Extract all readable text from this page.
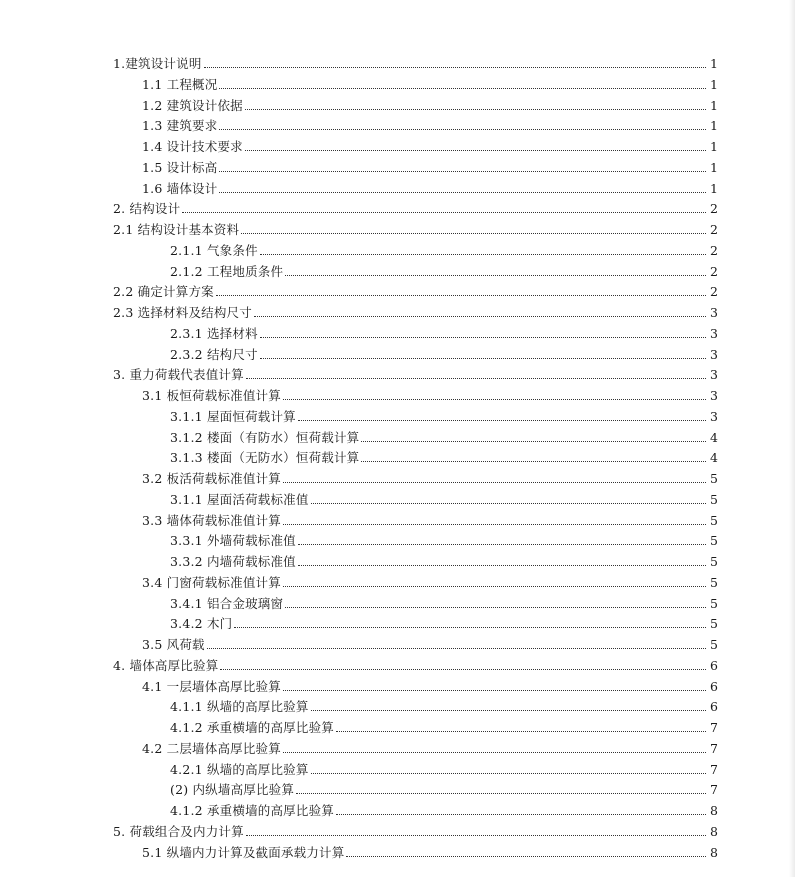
1.建筑设计说明	1
1.1 工程概况	1
1.2 建筑设计依据	1
1.3 建筑要求	1
1.4 设计技术要求	1
1.5 设计标高	1
1.6 墙体设计	1
2. 结构设计	2
2.1 结构设计基本资料	2
2.1.1 气象条件	2
2.1.2 工程地质条件	2
2.2 确定计算方案	2
2.3 选择材料及结构尺寸	3
2.3.1 选择材料	3
2.3.2 结构尺寸	3
3. 重力荷载代表值计算	3
3.1 板恒荷载标准值计算	3
3.1.1 屋面恒荷载计算	3
3.1.2 楼面（有防水）恒荷载计算	4
3.1.3 楼面（无防水）恒荷载计算	4
3.2 板活荷载标准值计算	5
3.1.1 屋面活荷载标准值	5
3.3 墙体荷载标准值计算	5
3.3.1 外墙荷载标准值	5
3.3.2 内墙荷载标准值	5
3.4 门窗荷载标准值计算	5
3.4.1 铝合金玻璃窗	5
3.4.2 木门	5
3.5 风荷载	5
4. 墙体高厚比验算	6
4.1 一层墙体高厚比验算	6
4.1.1 纵墙的高厚比验算	6
4.1.2 承重横墙的高厚比验算	7
4.2 二层墙体高厚比验算	7
4.2.1 纵墙的高厚比验算	7
(2) 内纵墙高厚比验算	7
4.1.2 承重横墙的高厚比验算	8
5. 荷载组合及内力计算	8
5.1 纵墙内力计算及截面承载力计算	8
